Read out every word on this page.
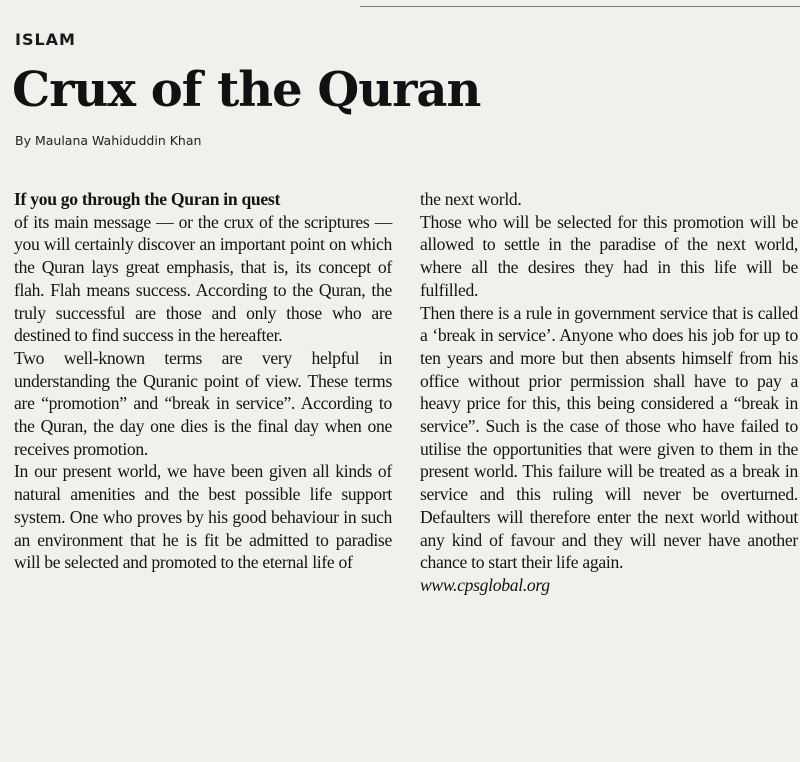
ISLAM
Crux of the Quran
By Maulana Wahiduddin Khan

If you go through the Quran in quest
of its main message — or the crux of the scriptures — you will certainly discover an important point on which the Quran lays great emphasis, that is, its concept of flah. Flah means success. According to the Quran, the truly successful are those and only those who are destined to find success in the hereafter.

Two well-known terms are very helpful in understanding the Quranic point of view. These terms are “promotion” and “break in service”. According to the Quran, the day one dies is the final day when one receives promotion.

In our present world, we have been given all kinds of natural amenities and the best possible life support system. One who proves by his good behaviour in such an environment that he is fit be admitted to paradise will be selected and promoted to the eternal life of

the next world.

Those who will be selected for this promotion will be allowed to settle in the paradise of the next world, where all the desires they had in this life will be fulfilled.

Then there is a rule in government service that is called a ‘break in service’. Anyone who does his job for up to ten years and more but then absents himself from his office without prior permission shall have to pay a heavy price for this, this being considered a “break in service”. Such is the case of those who have failed to utilise the opportunities that were given to them in the present world. This failure will be treated as a break in service and this ruling will never be overturned. Defaulters will therefore enter the next world without any kind of favour and they will never have another chance to start their life again.

www.cpsglobal.org
